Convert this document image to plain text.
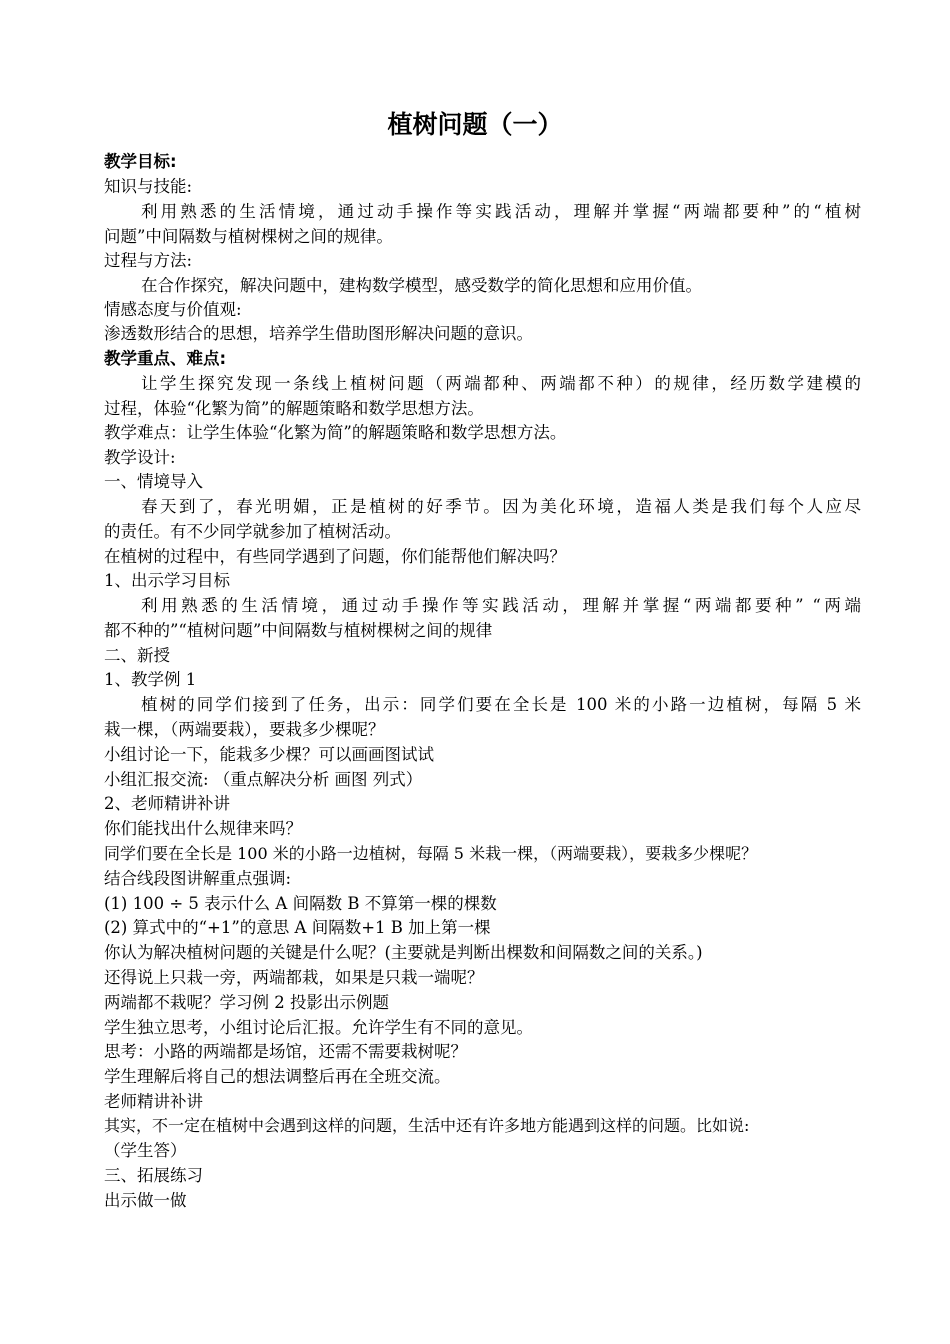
植树问题（一）
教学目标:
知识与技能:
利用熟悉的生活情境，通过动手操作等实践活动，理解并掌握“两端都要种”的“植树
问题”中间隔数与植树棵树之间的规律。
过程与方法:
在合作探究，解决问题中，建构数学模型，感受数学的简化思想和应用价值。
情感态度与价值观:
渗透数形结合的思想，培养学生借助图形解决问题的意识。
教学重点、难点:
让学生探究发现一条线上植树问题（两端都种、两端都不种）的规律，经历数学建模的
过程，体验“化繁为简”的解题策略和数学思想方法。
教学难点：让学生体验“化繁为简”的解题策略和数学思想方法。
教学设计:
一、情境导入
春天到了，春光明媚，正是植树的好季节。因为美化环境，造福人类是我们每个人应尽
的责任。有不少同学就参加了植树活动。
在植树的过程中，有些同学遇到了问题，你们能帮他们解决吗？
1、出示学习目标
利用熟悉的生活情境，通过动手操作等实践活动，理解并掌握“两端都要种” “两端
都不种的”“植树问题”中间隔数与植树棵树之间的规律
二、新授
1、教学例 1
植树的同学们接到了任务，出示：同学们要在全长是 100 米的小路一边植树，每隔 5 米
栽一棵，（两端要栽），要栽多少棵呢？
小组讨论一下，能栽多少棵？可以画画图试试
小组汇报交流: （重点解决分析 画图 列式）
2、老师精讲补讲
你们能找出什么规律来吗？
同学们要在全长是 100 米的小路一边植树，每隔 5 米栽一棵，（两端要栽），要栽多少棵呢？
结合线段图讲解重点强调:
(1) 100 ÷ 5 表示什么 A 间隔数 B 不算第一棵的棵数
(2) 算式中的“+1”的意思 A 间隔数+1 B 加上第一棵
你认为解决植树问题的关键是什么呢？(主要就是判断出棵数和间隔数之间的关系。)
还得说上只栽一旁，两端都栽，如果是只栽一端呢？
两端都不栽呢？学习例 2 投影出示例题
学生独立思考，小组讨论后汇报。允许学生有不同的意见。
思考：小路的两端都是场馆，还需不需要栽树呢？
学生理解后将自己的想法调整后再在全班交流。
老师精讲补讲
其实，不一定在植树中会遇到这样的问题，生活中还有许多地方能遇到这样的问题。比如说:
（学生答）
三、拓展练习
出示做一做
